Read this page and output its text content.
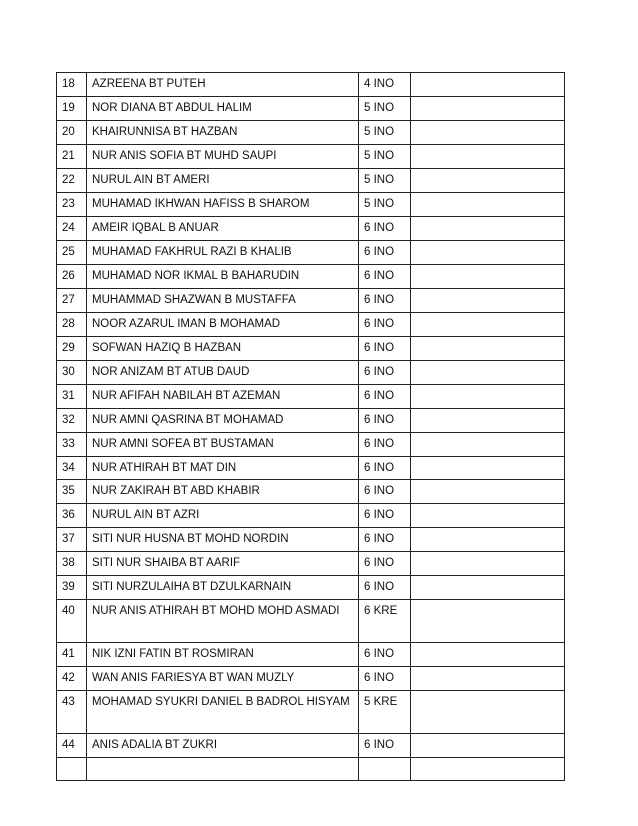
18	AZREENA BT PUTEH	4 INO	
19	NOR DIANA BT ABDUL HALIM	5 INO	
20	KHAIRUNNISA BT HAZBAN	5 INO	
21	NUR ANIS SOFIA BT MUHD SAUPI	5 INO	
22	NURUL AIN BT AMERI	5 INO	
23	MUHAMAD IKHWAN HAFISS B SHAROM	5 INO	
24	AMEIR IQBAL B ANUAR	6 INO	
25	MUHAMAD FAKHRUL RAZI B KHALIB	6 INO	
26	MUHAMAD NOR IKMAL B BAHARUDIN	6 INO	
27	MUHAMMAD SHAZWAN B MUSTAFFA	6 INO	
28	NOOR AZARUL IMAN B MOHAMAD	6 INO	
29	SOFWAN HAZIQ B HAZBAN	6 INO	
30	NOR ANIZAM BT ATUB DAUD	6 INO	
31	NUR AFIFAH NABILAH BT AZEMAN	6 INO	
32	NUR AMNI QASRINA BT MOHAMAD	6 INO	
33	NUR AMNI SOFEA BT BUSTAMAN	6 INO	
34	NUR ATHIRAH BT MAT DIN	6 INO	
35	NUR ZAKIRAH BT ABD KHABIR	6 INO	
36	NURUL AIN BT AZRI	6 INO	
37	SITI NUR HUSNA BT MOHD NORDIN	6 INO	
38	SITI NUR SHAIBA BT AARIF	6 INO	
39	SITI NURZULAIHA BT DZULKARNAIN	6 INO	
40	NUR ANIS ATHIRAH BT MOHD MOHD ASMADI	6 KRE	
41	NIK IZNI FATIN BT ROSMIRAN	6 INO	
42	WAN ANIS FARIESYA BT WAN MUZLY	6 INO	
43	MOHAMAD SYUKRI DANIEL B BADROL HISYAM	5 KRE	
44	ANIS ADALIA BT ZUKRI	6 INO	
